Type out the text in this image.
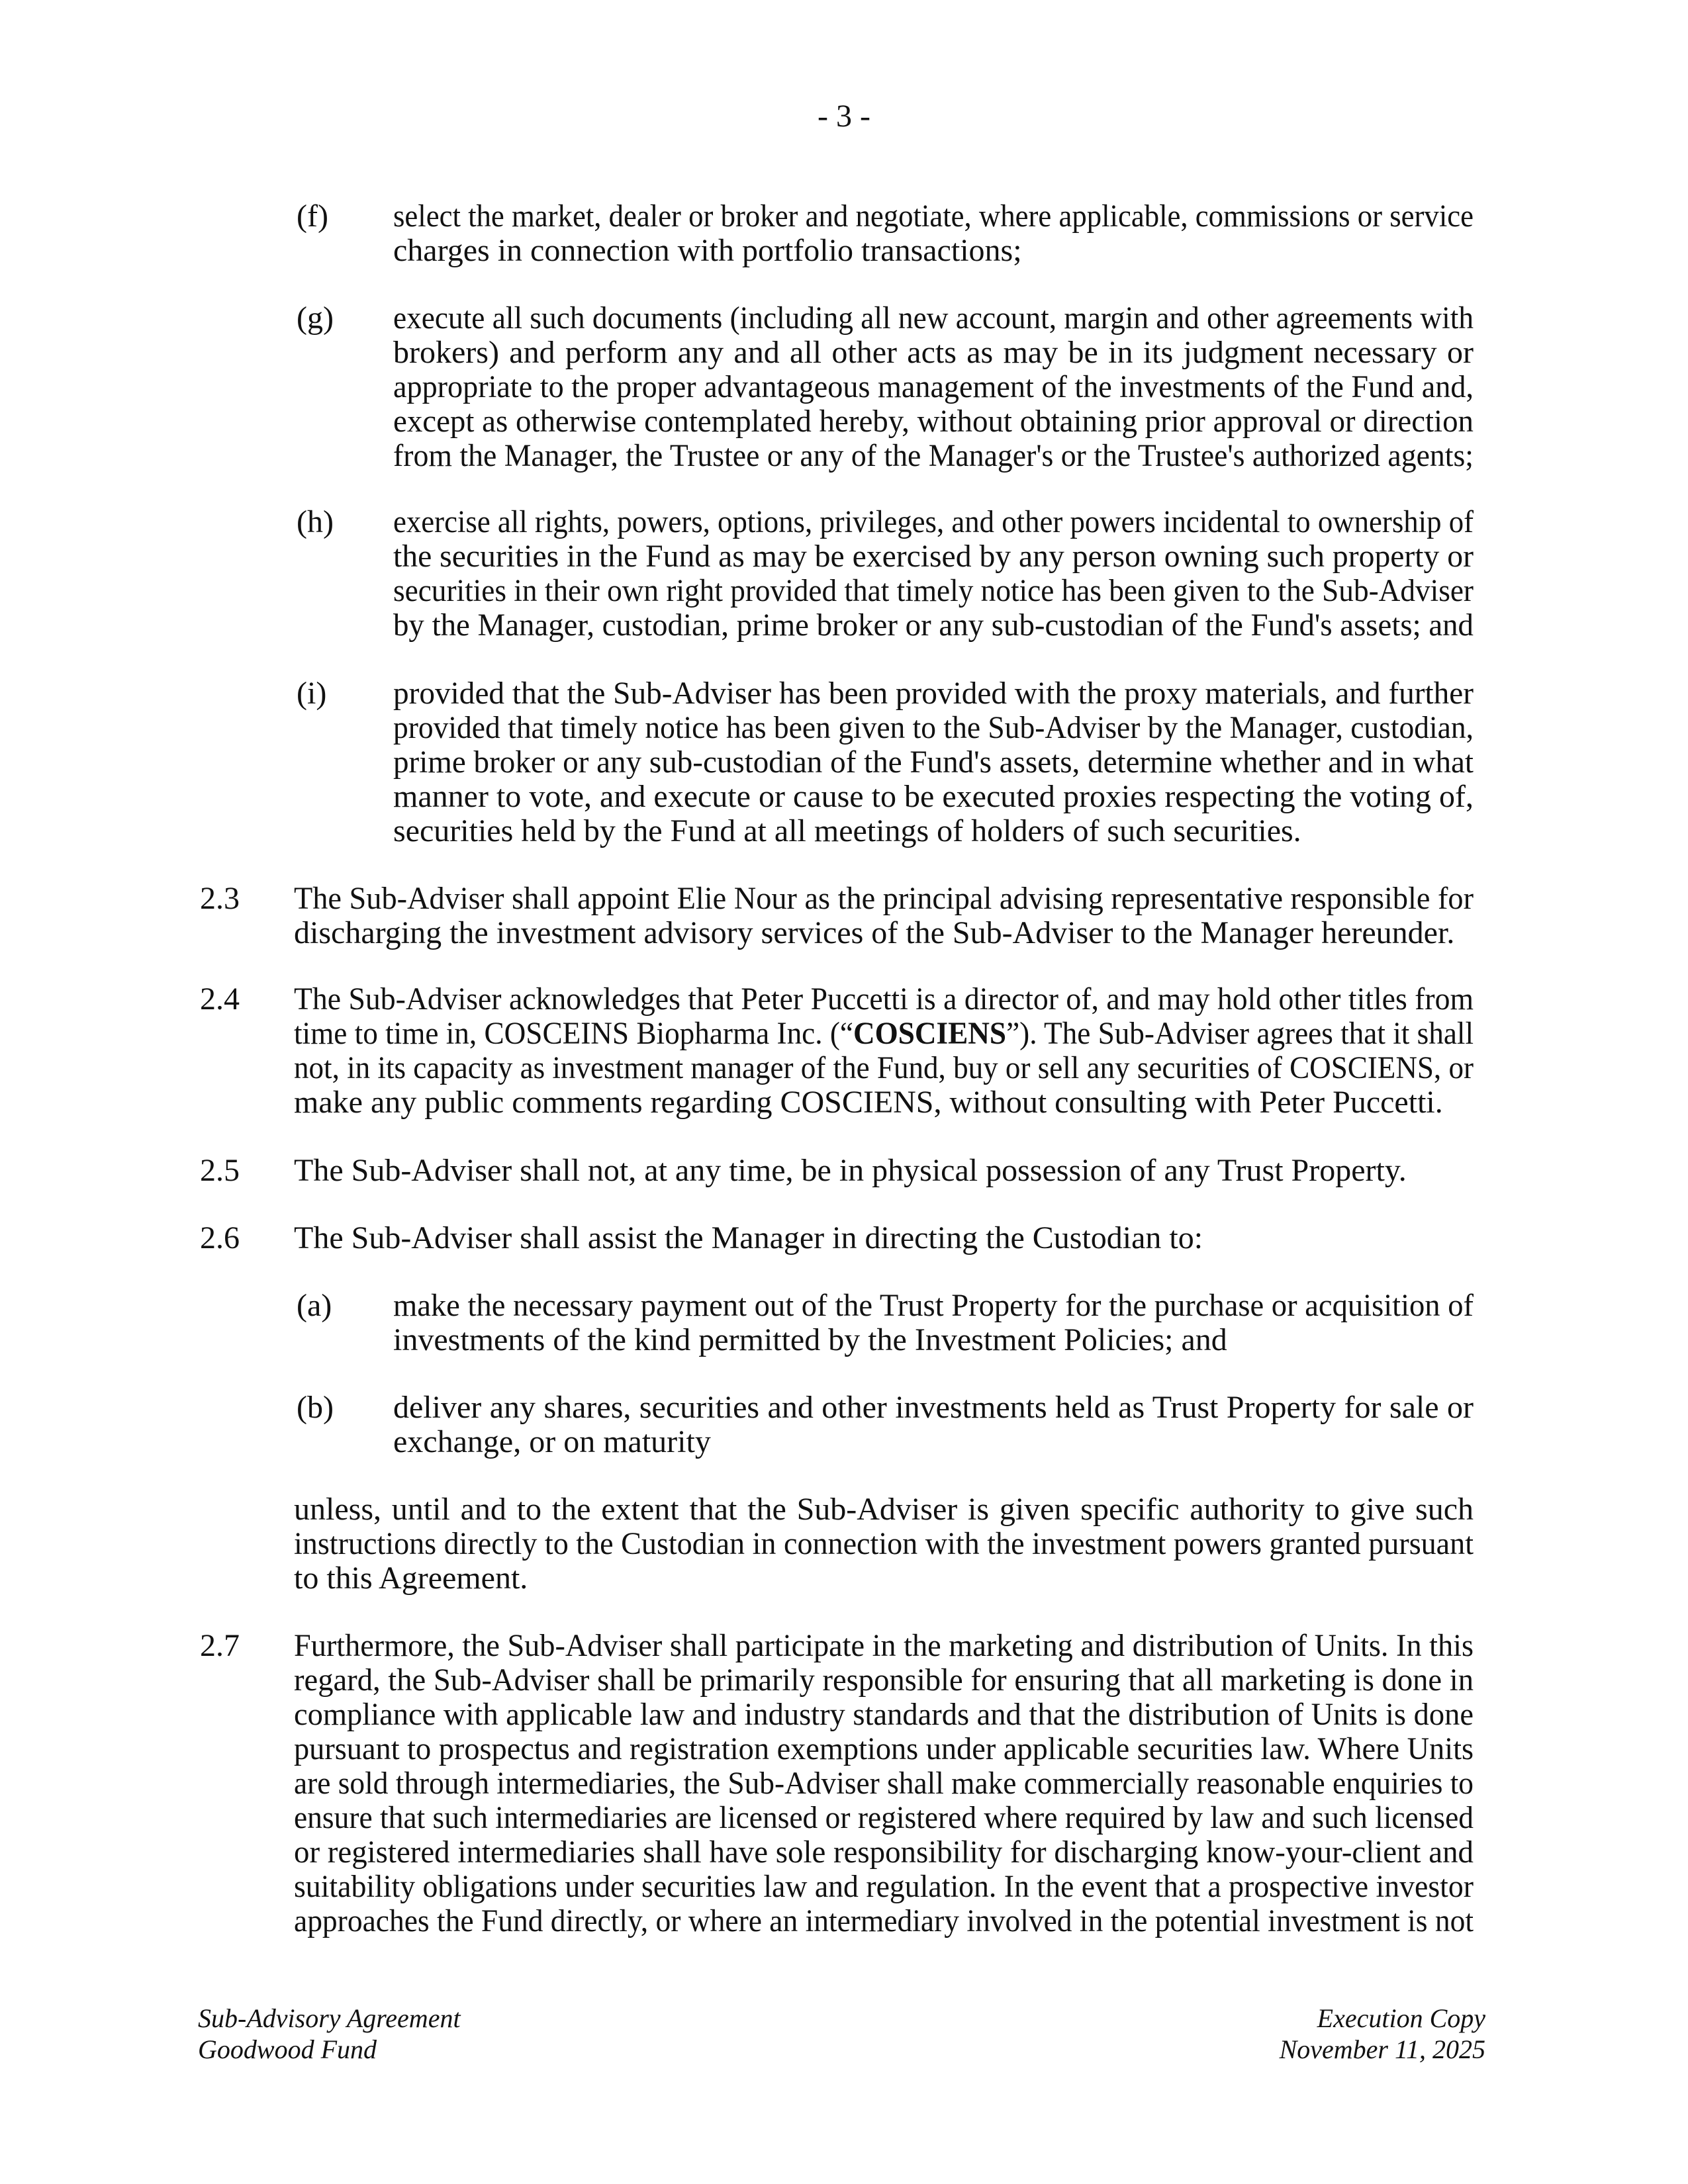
- 3 -
(f) select the market, dealer or broker and negotiate, where applicable, commissions or service
charges in connection with portfolio transactions;
(g) execute all such documents (including all new account, margin and other agreements with
brokers) and perform any and all other acts as may be in its judgment necessary or
appropriate to the proper advantageous management of the investments of the Fund and,
except as otherwise contemplated hereby, without obtaining prior approval or direction
from the Manager, the Trustee or any of the Manager's or the Trustee's authorized agents;
(h) exercise all rights, powers, options, privileges, and other powers incidental to ownership of
the securities in the Fund as may be exercised by any person owning such property or
securities in their own right provided that timely notice has been given to the Sub-Adviser
by the Manager, custodian, prime broker or any sub-custodian of the Fund's assets; and
(i) provided that the Sub-Adviser has been provided with the proxy materials, and further
provided that timely notice has been given to the Sub-Adviser by the Manager, custodian,
prime broker or any sub-custodian of the Fund's assets, determine whether and in what
manner to vote, and execute or cause to be executed proxies respecting the voting of,
securities held by the Fund at all meetings of holders of such securities.
2.3 The Sub-Adviser shall appoint Elie Nour as the principal advising representative responsible for
discharging the investment advisory services of the Sub-Adviser to the Manager hereunder.
2.4 The Sub-Adviser acknowledges that Peter Puccetti is a director of, and may hold other titles from
time to time in, COSCEINS Biopharma Inc. (“COSCIENS”). The Sub-Adviser agrees that it shall
not, in its capacity as investment manager of the Fund, buy or sell any securities of COSCIENS, or
make any public comments regarding COSCIENS, without consulting with Peter Puccetti.
2.5 The Sub-Adviser shall not, at any time, be in physical possession of any Trust Property.
2.6 The Sub-Adviser shall assist the Manager in directing the Custodian to:
(a) make the necessary payment out of the Trust Property for the purchase or acquisition of
investments of the kind permitted by the Investment Policies; and
(b) deliver any shares, securities and other investments held as Trust Property for sale or
exchange, or on maturity
unless, until and to the extent that the Sub-Adviser is given specific authority to give such
instructions directly to the Custodian in connection with the investment powers granted pursuant
to this Agreement.
2.7 Furthermore, the Sub-Adviser shall participate in the marketing and distribution of Units. In this
regard, the Sub-Adviser shall be primarily responsible for ensuring that all marketing is done in
compliance with applicable law and industry standards and that the distribution of Units is done
pursuant to prospectus and registration exemptions under applicable securities law. Where Units
are sold through intermediaries, the Sub-Adviser shall make commercially reasonable enquiries to
ensure that such intermediaries are licensed or registered where required by law and such licensed
or registered intermediaries shall have sole responsibility for discharging know-your-client and
suitability obligations under securities law and regulation. In the event that a prospective investor
approaches the Fund directly, or where an intermediary involved in the potential investment is not
Sub-Advisory Agreement
Goodwood Fund
Execution Copy
November 11, 2025
